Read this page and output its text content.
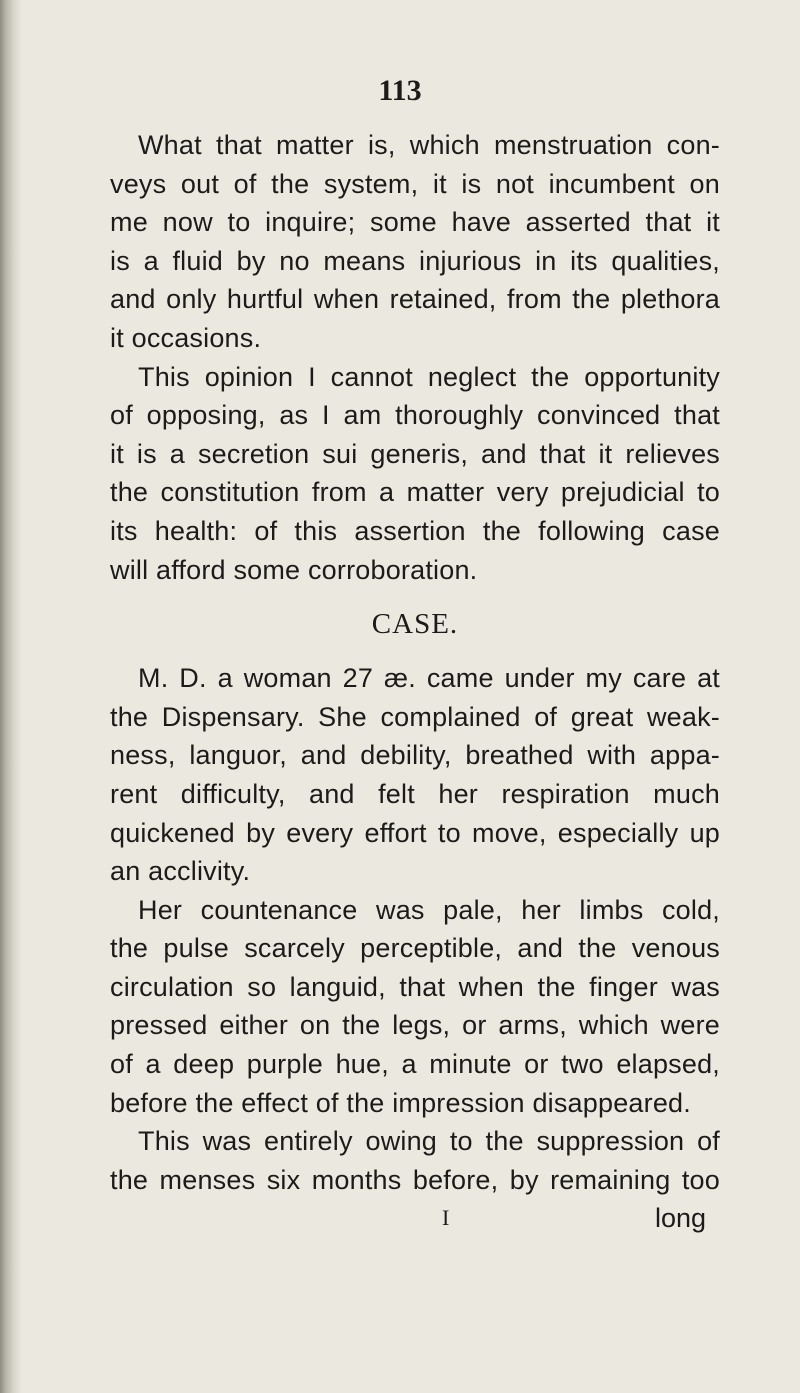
113
What that matter is, which menstruation con-
veys out of the system, it is not incumbent on
me now to inquire; some have asserted that it
is a fluid by no means injurious in its qualities,
and only hurtful when retained, from the plethora
it occasions.
This opinion I cannot neglect the opportunity
of opposing, as I am thoroughly convinced that
it is a secretion sui generis, and that it relieves
the constitution from a matter very prejudicial to
its health: of this assertion the following case
will afford some corroboration.
CASE.
M. D. a woman 27 æ. came under my care at
the Dispensary. She complained of great weak-
ness, languor, and debility, breathed with appa-
rent difficulty, and felt her respiration much
quickened by every effort to move, especially up
an acclivity.
Her countenance was pale, her limbs cold,
the pulse scarcely perceptible, and the venous
circulation so languid, that when the finger was
pressed either on the legs, or arms, which were
of a deep purple hue, a minute or two elapsed,
before the effect of the impression disappeared.
This was entirely owing to the suppression of
the menses six months before, by remaining too
I	long
